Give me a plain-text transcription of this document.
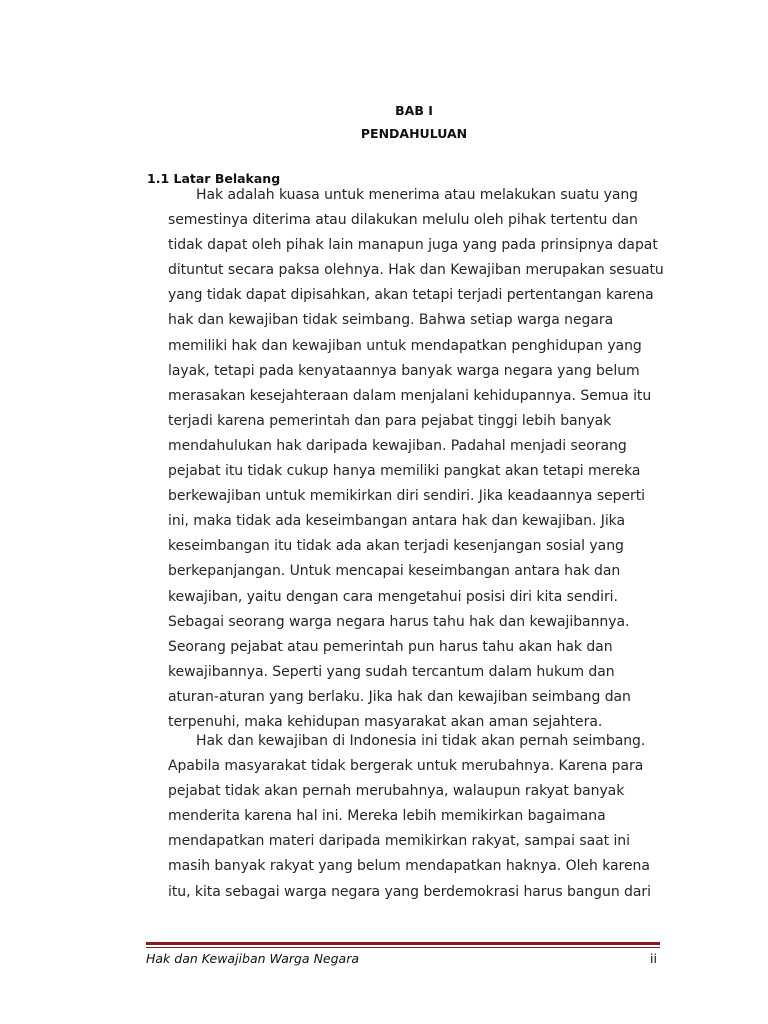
BAB I
PENDAHULUAN
1.1 Latar Belakang
Hak adalah kuasa untuk menerima atau melakukan suatu yang
semestinya diterima atau dilakukan melulu oleh pihak tertentu dan
tidak dapat oleh pihak lain manapun juga yang pada prinsipnya dapat
dituntut secara paksa olehnya. Hak dan Kewajiban merupakan sesuatu
yang tidak dapat dipisahkan, akan tetapi terjadi pertentangan karena
hak dan kewajiban tidak seimbang. Bahwa setiap warga negara
memiliki hak dan kewajiban untuk mendapatkan penghidupan yang
layak, tetapi pada kenyataannya banyak warga negara yang belum
merasakan kesejahteraan dalam menjalani kehidupannya. Semua itu
terjadi karena pemerintah dan para pejabat tinggi lebih banyak
mendahulukan hak daripada kewajiban. Padahal menjadi seorang
pejabat itu tidak cukup hanya memiliki pangkat akan tetapi mereka
berkewajiban untuk memikirkan diri sendiri. Jika keadaannya seperti
ini, maka tidak ada keseimbangan antara hak dan kewajiban. Jika
keseimbangan itu tidak ada akan terjadi kesenjangan sosial yang
berkepanjangan. Untuk mencapai keseimbangan antara hak dan
kewajiban, yaitu dengan cara mengetahui posisi diri kita sendiri.
Sebagai seorang warga negara harus tahu hak dan kewajibannya.
Seorang pejabat atau pemerintah pun harus tahu akan hak dan
kewajibannya. Seperti yang sudah tercantum dalam hukum dan
aturan-aturan yang berlaku. Jika hak dan kewajiban seimbang dan
terpenuhi, maka kehidupan masyarakat akan aman sejahtera.
Hak dan kewajiban di Indonesia ini tidak akan pernah seimbang.
Apabila masyarakat tidak bergerak untuk merubahnya. Karena para
pejabat tidak akan pernah merubahnya, walaupun rakyat banyak
menderita karena hal ini. Mereka lebih memikirkan bagaimana
mendapatkan materi daripada memikirkan rakyat, sampai saat ini
masih banyak rakyat yang belum mendapatkan haknya. Oleh karena
itu, kita sebagai warga negara yang berdemokrasi harus bangun dari
Hak dan Kewajiban Warga Negara	ii
